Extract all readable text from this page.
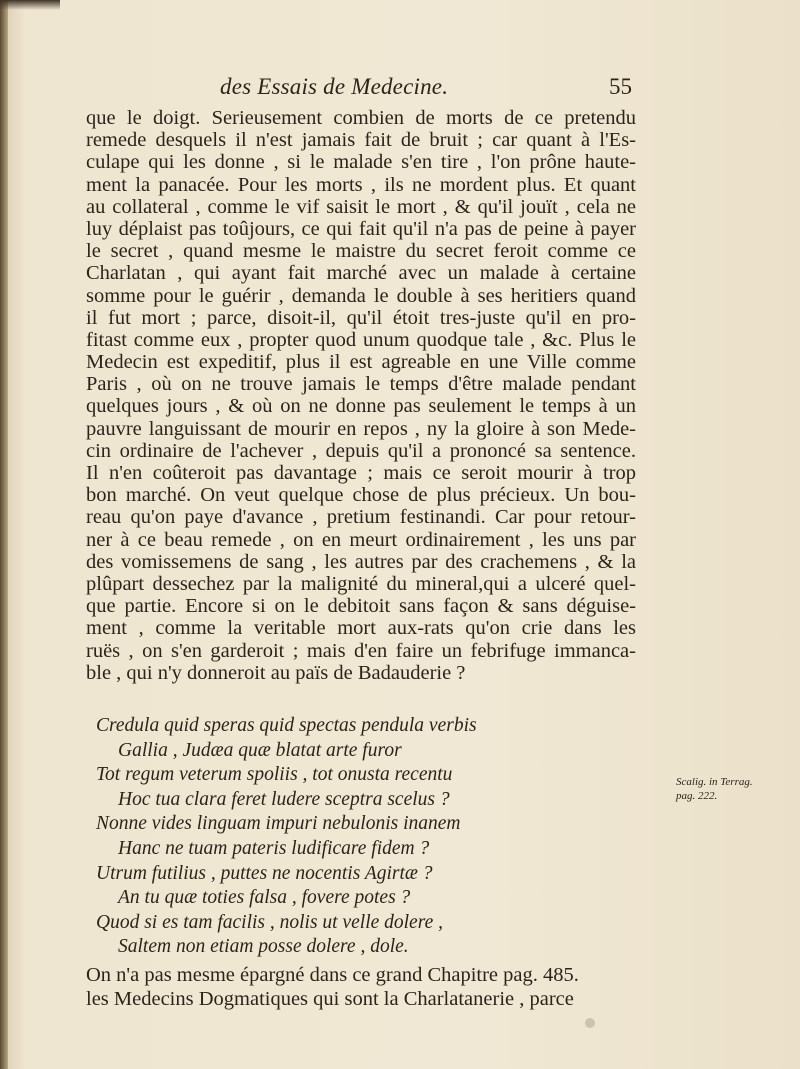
des Essais de Medecine.	55
que le doigt. Serieusement combien de morts de ce pretendu
remede desquels il n'est jamais fait de bruit ; car quant à l'Es-
culape qui les donne , si le malade s'en tire , l'on prône haute-
ment la panacée. Pour les morts , ils ne mordent plus. Et quant
au collateral , comme le vif saisit le mort , & qu'il jouït , cela ne
luy déplaist pas toûjours, ce qui fait qu'il n'a pas de peine à payer
le secret , quand mesme le maistre du secret feroit comme ce
Charlatan , qui ayant fait marché avec un malade à certaine
somme pour le guérir , demanda le double à ses heritiers quand
il fut mort ; parce, disoit-il, qu'il étoit tres-juste qu'il en pro-
fitast comme eux , propter quod unum quodque tale , &c. Plus le
Medecin est expeditif, plus il est agreable en une Ville comme
Paris , où on ne trouve jamais le temps d'être malade pendant
quelques jours , & où on ne donne pas seulement le temps à un
pauvre languissant de mourir en repos , ny la gloire à son Mede-
cin ordinaire de l'achever , depuis qu'il a prononcé sa sentence.
Il n'en coûteroit pas davantage ; mais ce seroit mourir à trop
bon marché. On veut quelque chose de plus précieux. Un bou-
reau qu'on paye d'avance , pretium festinandi. Car pour retour-
ner à ce beau remede , on en meurt ordinairement , les uns par
des vomissemens de sang , les autres par des crachemens , & la
plûpart dessechez par la malignité du mineral,qui a ulceré quel-
que partie. Encore si on le debitoit sans façon & sans déguise-
ment , comme la veritable mort aux-rats qu'on crie dans les
ruës , on s'en garderoit ; mais d'en faire un febrifuge immanca-
ble , qui n'y donneroit au païs de Badauderie ?
Credula quid speras quid spectas pendula verbis
Gallia , Judæa quæ blatat arte furor
Tot regum veterum spoliis , tot onusta recentu
Hoc tua clara feret ludere sceptra scelus ?
Nonne vides linguam impuri nebulonis inanem
Hanc ne tuam pateris ludificare fidem ?
Utrum futilius , puttes ne nocentis Agirtæ ?
An tu quæ toties falsa , fovere potes ?
Quod si es tam facilis , nolis ut velle dolere ,
Saltem non etiam posse dolere , dole.
Scalig. in Terrag.
pag. 222.
On n'a pas mesme épargné dans ce grand Chapitre pag. 485.
les Medecins Dogmatiques qui sont la Charlatanerie , parce
